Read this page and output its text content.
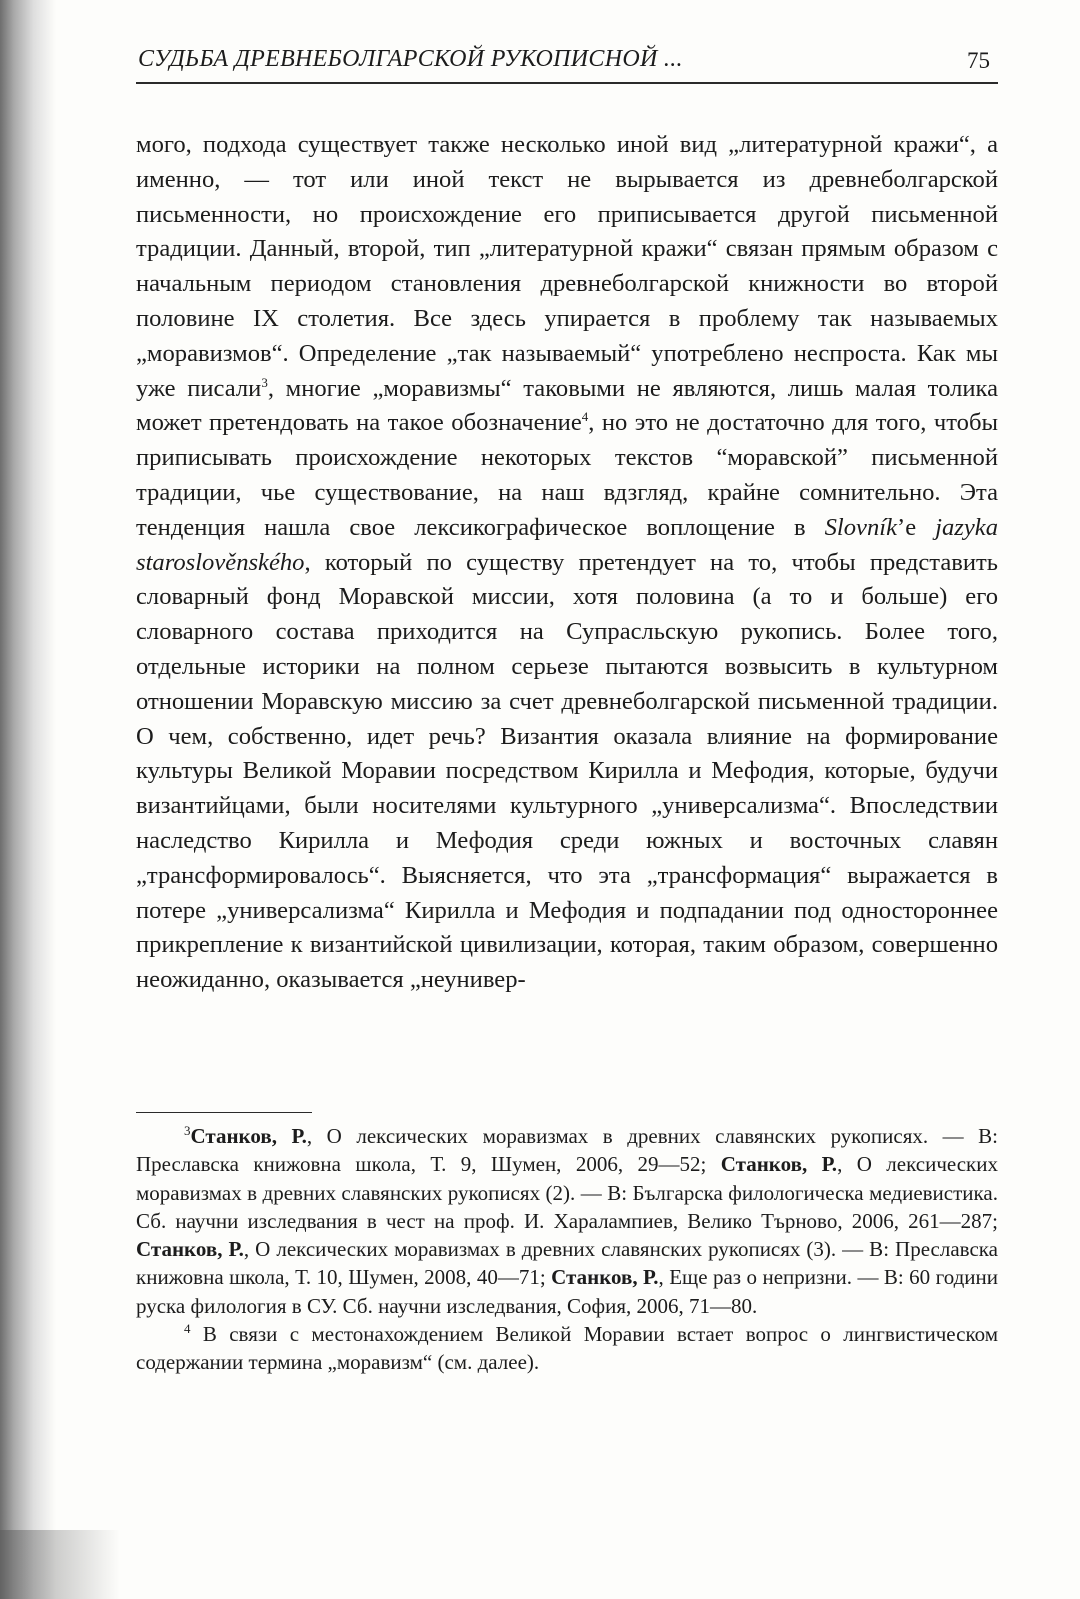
СУДЬБА ДРЕВНЕБОЛГАРСКОЙ РУКОПИСНОЙ ...	75

мого, подхода существует также несколько иной вид „литературной кражи“, а именно, — тот или иной текст не вырывается из древнеболгарской письменности, но происхождение его приписывается другой письменной традиции. Данный, второй, тип „литературной кражи“ связан прямым образом с начальным периодом становления древнеболгарской книжности во второй половине IX столетия. Все здесь упирается в проблему так называемых „моравизмов“. Определение „так называемый“ употреблено неспроста. Как мы уже писали$^3$, многие „моравизмы“ таковыми не являются, лишь малая толика может претендовать на такое обозначение$^4$, но это не достаточно для того, чтобы приписывать происхождение некоторых текстов “моравской” письменной традиции, чье существование, на наш вдзгляд, крайне сомнительно. Эта тенденция нашла свое лексикографическое воплощение в Slovník’е jazyka staroslověnského, который по существу претендует на то, чтобы представить словарный фонд Моравской миссии, хотя половина (а то и больше) его словарного состава приходится на Супрасльскую рукопись. Более того, отдельные историки на полном серьезе пытаются возвысить в культурном отношении Моравскую миссию за счет древнеболгарской письменной традиции. О чем, собственно, идет речь? Византия оказала влияние на формирование культуры Великой Моравии посредством Кирилла и Мефодия, которые, будучи византийцами, были носителями культурного „универсализма“. Впоследствии наследство Кирилла и Мефодия среди южных и восточных славян „трансформировалось“. Выясняется, что эта „трансформация“ выражается в потере „универсализма“ Кирилла и Мефодия и подпадании под одностороннее прикрепление к византийской цивилизации, которая, таким образом, совершенно неожиданно, оказывается „неунивер-

$^3$Станков, Р., О лексических моравизмах в древних славянских рукописях. — В: Преславска книжовна школа, Т. 9, Шумен, 2006, 29—52; Станков, Р., О лексических моравизмах в древних славянских рукописях (2). — В: Българска филологическа медиевистика. Сб. научни изследвания в чест на проф. И. Харалампиев, Велико Търново, 2006, 261—287; Станков, Р., О лексических моравизмах в древних славянских рукописях (3). — В: Преславска книжовна школа, Т. 10, Шумен, 2008, 40—71; Станков, Р., Еще раз о непризни. — В: 60 години руска филология в СУ. Сб. научни изследвания, София, 2006, 71—80.

$^4$ В связи с местонахождением Великой Моравии встает вопрос о лингвистическом содержании термина „моравизм“ (см. далее).
